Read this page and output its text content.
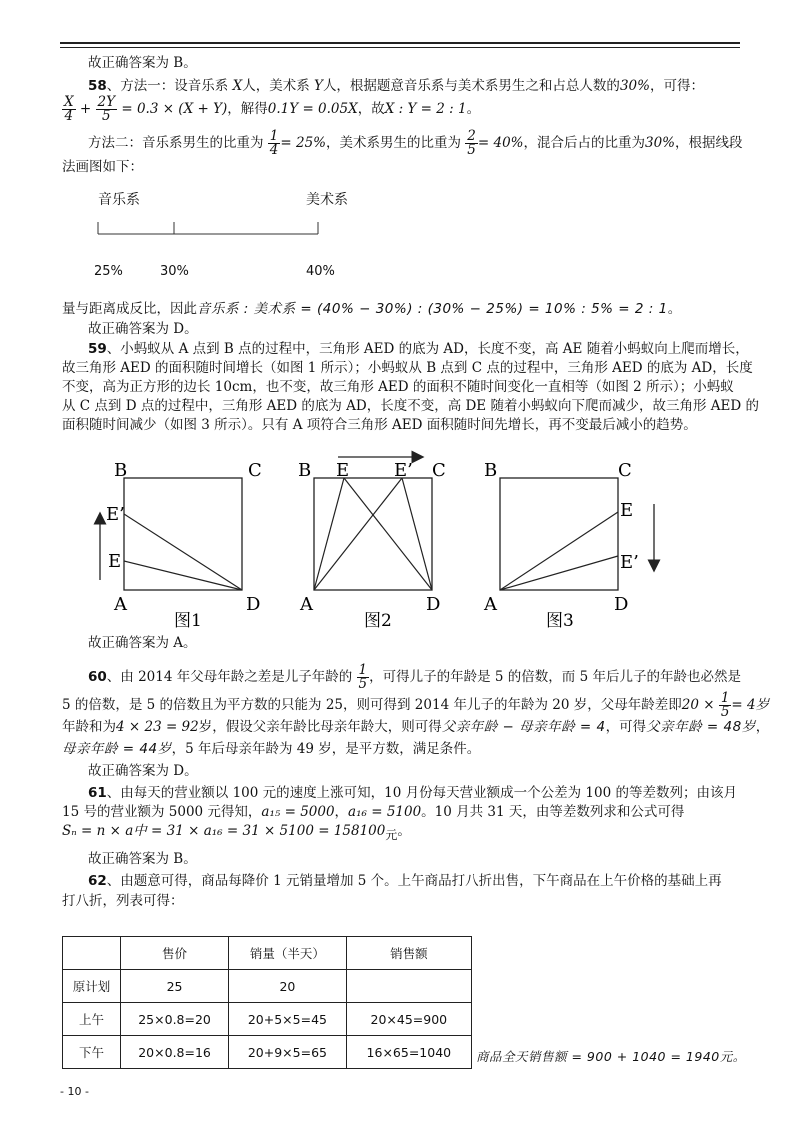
故正确答案为 B。
58、方法一：设音乐系 X人，美术系 Y人，根据题意音乐系与美术系男生之和占总人数的30%，可得：
$\frac{X}{4} + \frac{2Y}{5} = 0.3 \times (X + Y)$，解得0.1Y = 0.05X，故X : Y = 2 : 1。
方法二：音乐系男生的比重为 $\frac{1}{4} = 25\%$，美术系男生的比重为 $\frac{2}{5} = 40\%$，混合后占的比重为30%，根据线段
法画图如下：
音乐系	美术系
25%	30%	40%
量与距离成反比，因此音乐系 : 美术系 = (40% − 30%) : (30% − 25%) = 10% : 5% = 2 : 1。
故正确答案为 D。
59、小蚂蚁从 A 点到 B 点的过程中，三角形 AED 的底为 AD，长度不变，高 AE 随着小蚂蚁向上爬而增长，
故三角形 AED 的面积随时间增长（如图 1 所示）；小蚂蚁从 B 点到 C 点的过程中，三角形 AED 的底为 AD，长度
不变，高为正方形的边长 10cm，也不变，故三角形 AED 的面积不随时间变化一直相等（如图 2 所示）；小蚂蚁
从 C 点到 D 点的过程中，三角形 AED 的底为 AD，长度不变，高 DE 随着小蚂蚁向下爬而减少，故三角形 AED 的
面积随时间减少（如图 3 所示）。只有 A 项符合三角形 AED 面积随时间先增长，再不变最后减小的趋势。
B	C
E’
E
A	D
图1
B E E’ C
A	D
图2
B	C
E
E’
A	D
图3
故正确答案为 A。
60、由 2014 年父母年龄之差是儿子年龄的 $\frac{1}{5}$ ，可得儿子的年龄是 5 的倍数，而 5 年后儿子的年龄也必然是
5 的倍数，是 5 的倍数且为平方数的只能为 25，则可得到 2014 年儿子的年龄为 20 岁，父母年龄差即$20 \times \frac{1}{5} = 4$岁
年龄和为4 × 23 = 92岁，假设父亲年龄比母亲年龄大，则可得父亲年龄 − 母亲年龄 = 4，可得父亲年龄 = 48岁，
母亲年龄 = 44岁，5 年后母亲年龄为 49 岁，是平方数，满足条件。
故正确答案为 D。
61、由每天的营业额以 100 元的速度上涨可知，10 月份每天营业额成一个公差为 100 的等差数列；由该月
15 号的营业额为 5000 元得知，a₁₅ = 5000，a₁₆ = 5100。10 月共 31 天，由等差数列求和公式可得
Sₙ = n × a中 = 31 × a₁₆ = 31 × 5100 = 158100元。
故正确答案为 B。
62、由题意可得，商品每降价 1 元销量增加 5 个。上午商品打八折出售，下午商品在上午价格的基础上再
打八折，列表可得：
	售价	销量（半天）	销售额
原计划	25	20	
上午	25×0.8=20	20+5×5=45	20×45=900
下午	20×0.8=16	20+9×5=65	16×65=1040 商品全天销售额 = 900 + 1040 = 1940元。
- 10 -
